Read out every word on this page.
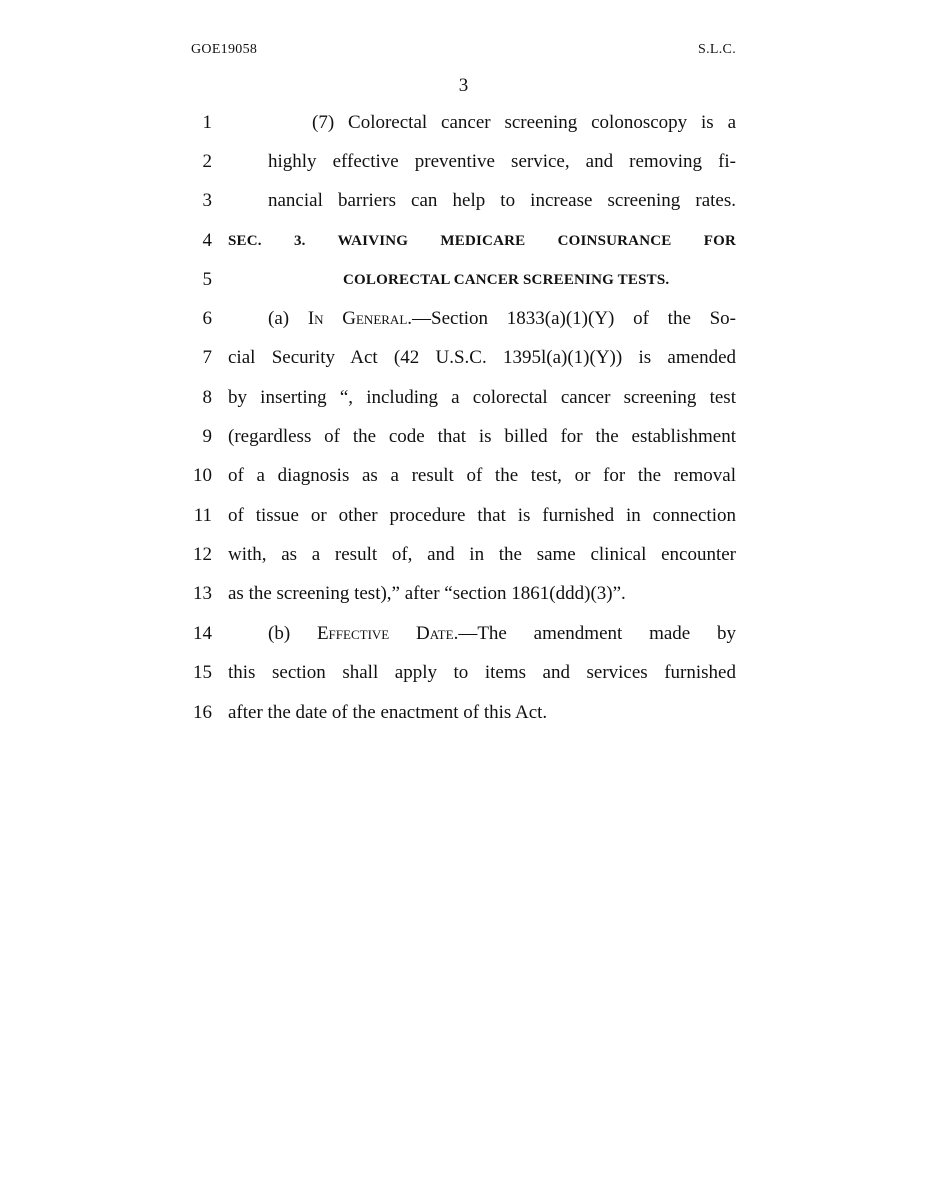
GOE19058	S.L.C.
3
1	(7) Colorectal cancer screening colonoscopy is a
2	highly effective preventive service, and removing fi-
3	nancial barriers can help to increase screening rates.
4 SEC. 3. WAIVING MEDICARE COINSURANCE FOR
5	COLORECTAL CANCER SCREENING TESTS.
6	(a) In General.—Section 1833(a)(1)(Y) of the So-
7 cial Security Act (42 U.S.C. 1395l(a)(1)(Y)) is amended
8 by inserting “, including a colorectal cancer screening test
9 (regardless of the code that is billed for the establishment
10 of a diagnosis as a result of the test, or for the removal
11 of tissue or other procedure that is furnished in connection
12 with, as a result of, and in the same clinical encounter
13 as the screening test),” after “section 1861(ddd)(3)”.
14	(b) Effective Date.—The amendment made by
15 this section shall apply to items and services furnished
16 after the date of the enactment of this Act.
